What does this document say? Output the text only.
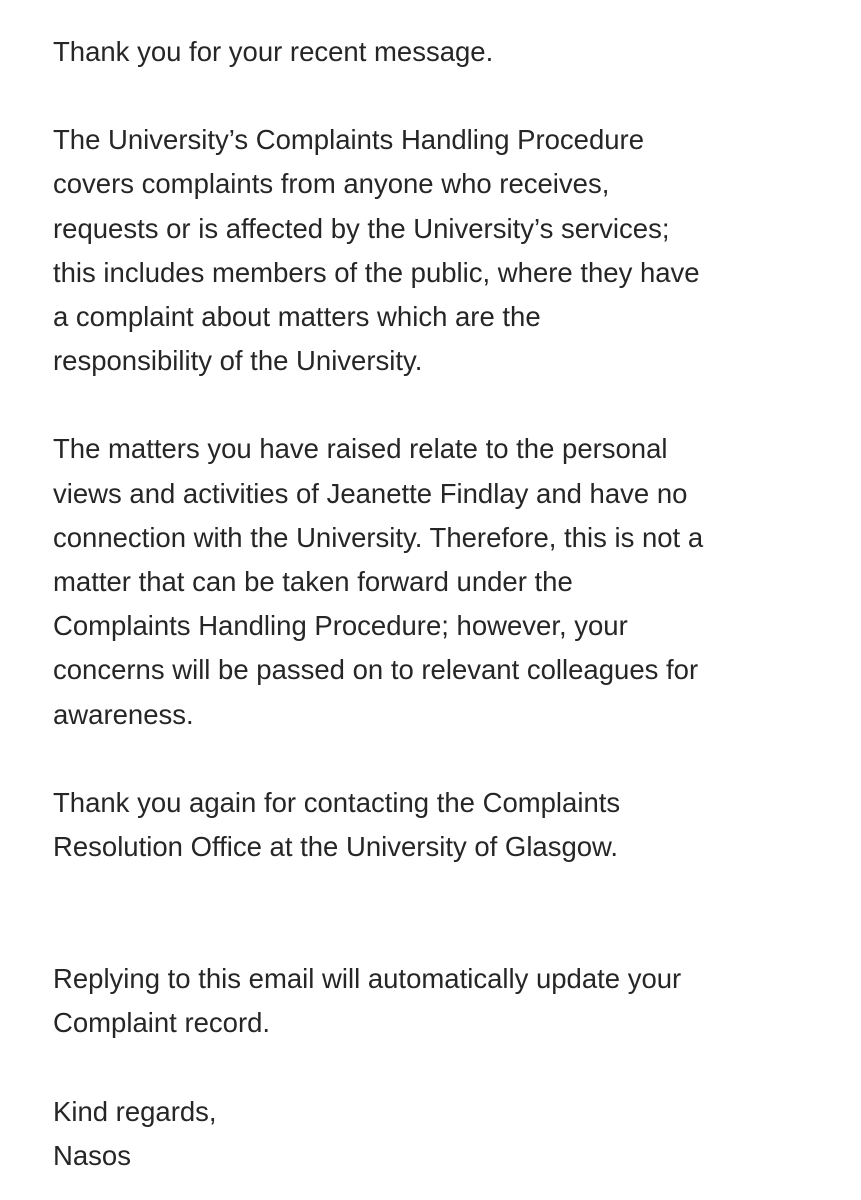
Thank you for your recent message.
The University’s Complaints Handling Procedure
covers complaints from anyone who receives,
requests or is affected by the University’s services;
this includes members of the public, where they have
a complaint about matters which are the
responsibility of the University.
The matters you have raised relate to the personal
views and activities of Jeanette Findlay and have no
connection with the University. Therefore, this is not a
matter that can be taken forward under the
Complaints Handling Procedure; however, your
concerns will be passed on to relevant colleagues for
awareness.
Thank you again for contacting the Complaints
Resolution Office at the University of Glasgow.
Replying to this email will automatically update your
Complaint record.
Kind regards,
Nasos
